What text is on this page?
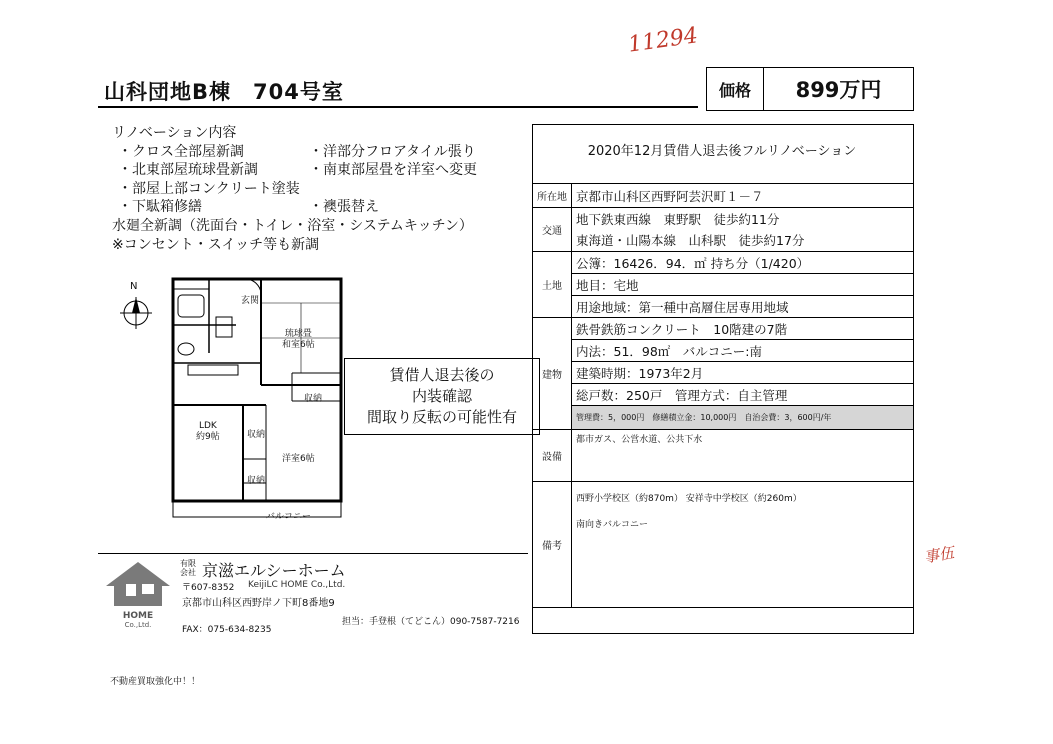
11294
事伍
山科団地B棟　704号室	価格	899万円
リノベーション内容
・クロス全部屋新調	・洋部分フロアタイル張り
・北東部屋琉球畳新調	・南東部屋畳を洋室へ変更
・部屋上部コンクリート塗装
・下駄箱修繕	・襖張替え
水廻全新調（洗面台・トイレ・浴室・システムキッチン）
※コンセント・スイッチ等も新調
N
玄関
琉球畳
和室6帖
収納
LDK
約9帖	収納
洋室6帖
収納
バルコニー
賃借人退去後の
内装確認
間取り反転の可能性有
2020年12月賃借人退去後フルリノベーション
所在地	京都市山科区西野阿芸沢町１－７
交通	地下鉄東西線　東野駅　徒歩約11分
	東海道・山陽本線　山科駅　徒歩約17分
土地	公簿：16426．94．㎡ 持ち分（1/420）
	地目：宅地
	用途地域：第一種中高層住居専用地域
建物	鉄骨鉄筋コンクリート　10階建の7階
	内法：51．98㎡　バルコニー:南
	建築時期：1973年2月
	総戸数：250戸　管理方式：自主管理
	管理費：5，000円　修繕積立金：10,000円　自治会費：3，600円/年
設備	都市ガス、公営水道、公共下水
備考	西野小学校区（約870m） 安祥寺中学校区（約260m）
南向きバルコニー
HOME
Co.,Ltd.
有限
会社 京滋エルシーホーム
〒607-8352 KeijiLC HOME Co.,Ltd.
京都市山科区西野岸ノ下町8番地9
担当：手登根（てどこん）090-7587-7216
FAX：075-634-8235
不動産買取強化中！！
